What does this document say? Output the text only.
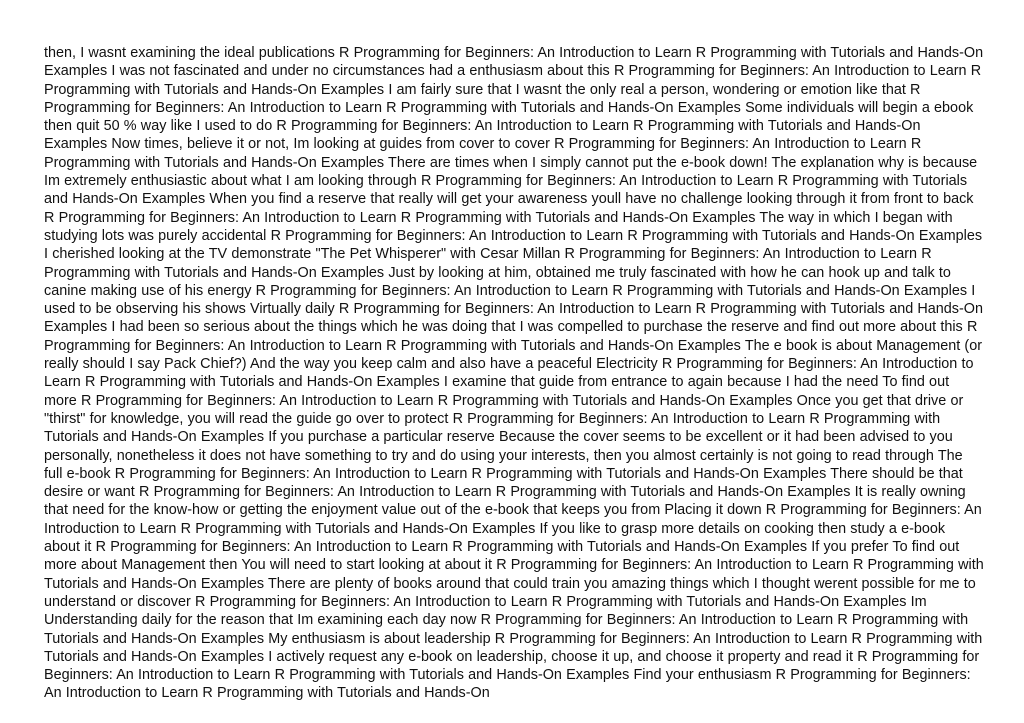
then, I wasnt examining the ideal publications R Programming for Beginners: An Introduction to Learn R Programming with Tutorials and Hands-On Examples I was not fascinated and under no circumstances had a enthusiasm about this R Programming for Beginners: An Introduction to Learn R Programming with Tutorials and Hands-On Examples I am fairly sure that I wasnt the only real a person, wondering or emotion like that R Programming for Beginners: An Introduction to Learn R Programming with Tutorials and Hands-On Examples Some individuals will begin a ebook then quit 50 % way like I used to do R Programming for Beginners: An Introduction to Learn R Programming with Tutorials and Hands-On Examples Now times, believe it or not, Im looking at guides from cover to cover R Programming for Beginners: An Introduction to Learn R Programming with Tutorials and Hands-On Examples There are times when I simply cannot put the e-book down! The explanation why is because Im extremely enthusiastic about what I am looking through R Programming for Beginners: An Introduction to Learn R Programming with Tutorials and Hands-On Examples When you find a reserve that really will get your awareness youll have no challenge looking through it from front to back R Programming for Beginners: An Introduction to Learn R Programming with Tutorials and Hands-On Examples The way in which I began with studying lots was purely accidental R Programming for Beginners: An Introduction to Learn R Programming with Tutorials and Hands-On Examples I cherished looking at the TV demonstrate "The Pet Whisperer" with Cesar Millan R Programming for Beginners: An Introduction to Learn R Programming with Tutorials and Hands-On Examples Just by looking at him, obtained me truly fascinated with how he can hook up and talk to canine making use of his energy R Programming for Beginners: An Introduction to Learn R Programming with Tutorials and Hands-On Examples I used to be observing his shows Virtually daily R Programming for Beginners: An Introduction to Learn R Programming with Tutorials and Hands-On Examples I had been so serious about the things which he was doing that I was compelled to purchase the reserve and find out more about this R Programming for Beginners: An Introduction to Learn R Programming with Tutorials and Hands-On Examples The e book is about Management (or really should I say Pack Chief?) And the way you keep calm and also have a peaceful Electricity R Programming for Beginners: An Introduction to Learn R Programming with Tutorials and Hands-On Examples I examine that guide from entrance to again because I had the need To find out more R Programming for Beginners: An Introduction to Learn R Programming with Tutorials and Hands-On Examples Once you get that drive or "thirst" for knowledge, you will read the guide go over to protect R Programming for Beginners: An Introduction to Learn R Programming with Tutorials and Hands-On Examples If you purchase a particular reserve Because the cover seems to be excellent or it had been advised to you personally, nonetheless it does not have something to try and do using your interests, then you almost certainly is not going to read through The full e-book R Programming for Beginners: An Introduction to Learn R Programming with Tutorials and Hands-On Examples There should be that desire or want R Programming for Beginners: An Introduction to Learn R Programming with Tutorials and Hands-On Examples It is really owning that need for the know-how or getting the enjoyment value out of the e-book that keeps you from Placing it down R Programming for Beginners: An Introduction to Learn R Programming with Tutorials and Hands-On Examples If you like to grasp more details on cooking then study a e-book about it R Programming for Beginners: An Introduction to Learn R Programming with Tutorials and Hands-On Examples If you prefer To find out more about Management then You will need to start looking at about it R Programming for Beginners: An Introduction to Learn R Programming with Tutorials and Hands-On Examples There are plenty of books around that could train you amazing things which I thought werent possible for me to understand or discover R Programming for Beginners: An Introduction to Learn R Programming with Tutorials and Hands-On Examples Im Understanding daily for the reason that Im examining each day now R Programming for Beginners: An Introduction to Learn R Programming with Tutorials and Hands-On Examples My enthusiasm is about leadership R Programming for Beginners: An Introduction to Learn R Programming with Tutorials and Hands-On Examples I actively request any e-book on leadership, choose it up, and choose it property and read it R Programming for Beginners: An Introduction to Learn R Programming with Tutorials and Hands-On Examples Find your enthusiasm R Programming for Beginners: An Introduction to Learn R Programming with Tutorials and Hands-On
